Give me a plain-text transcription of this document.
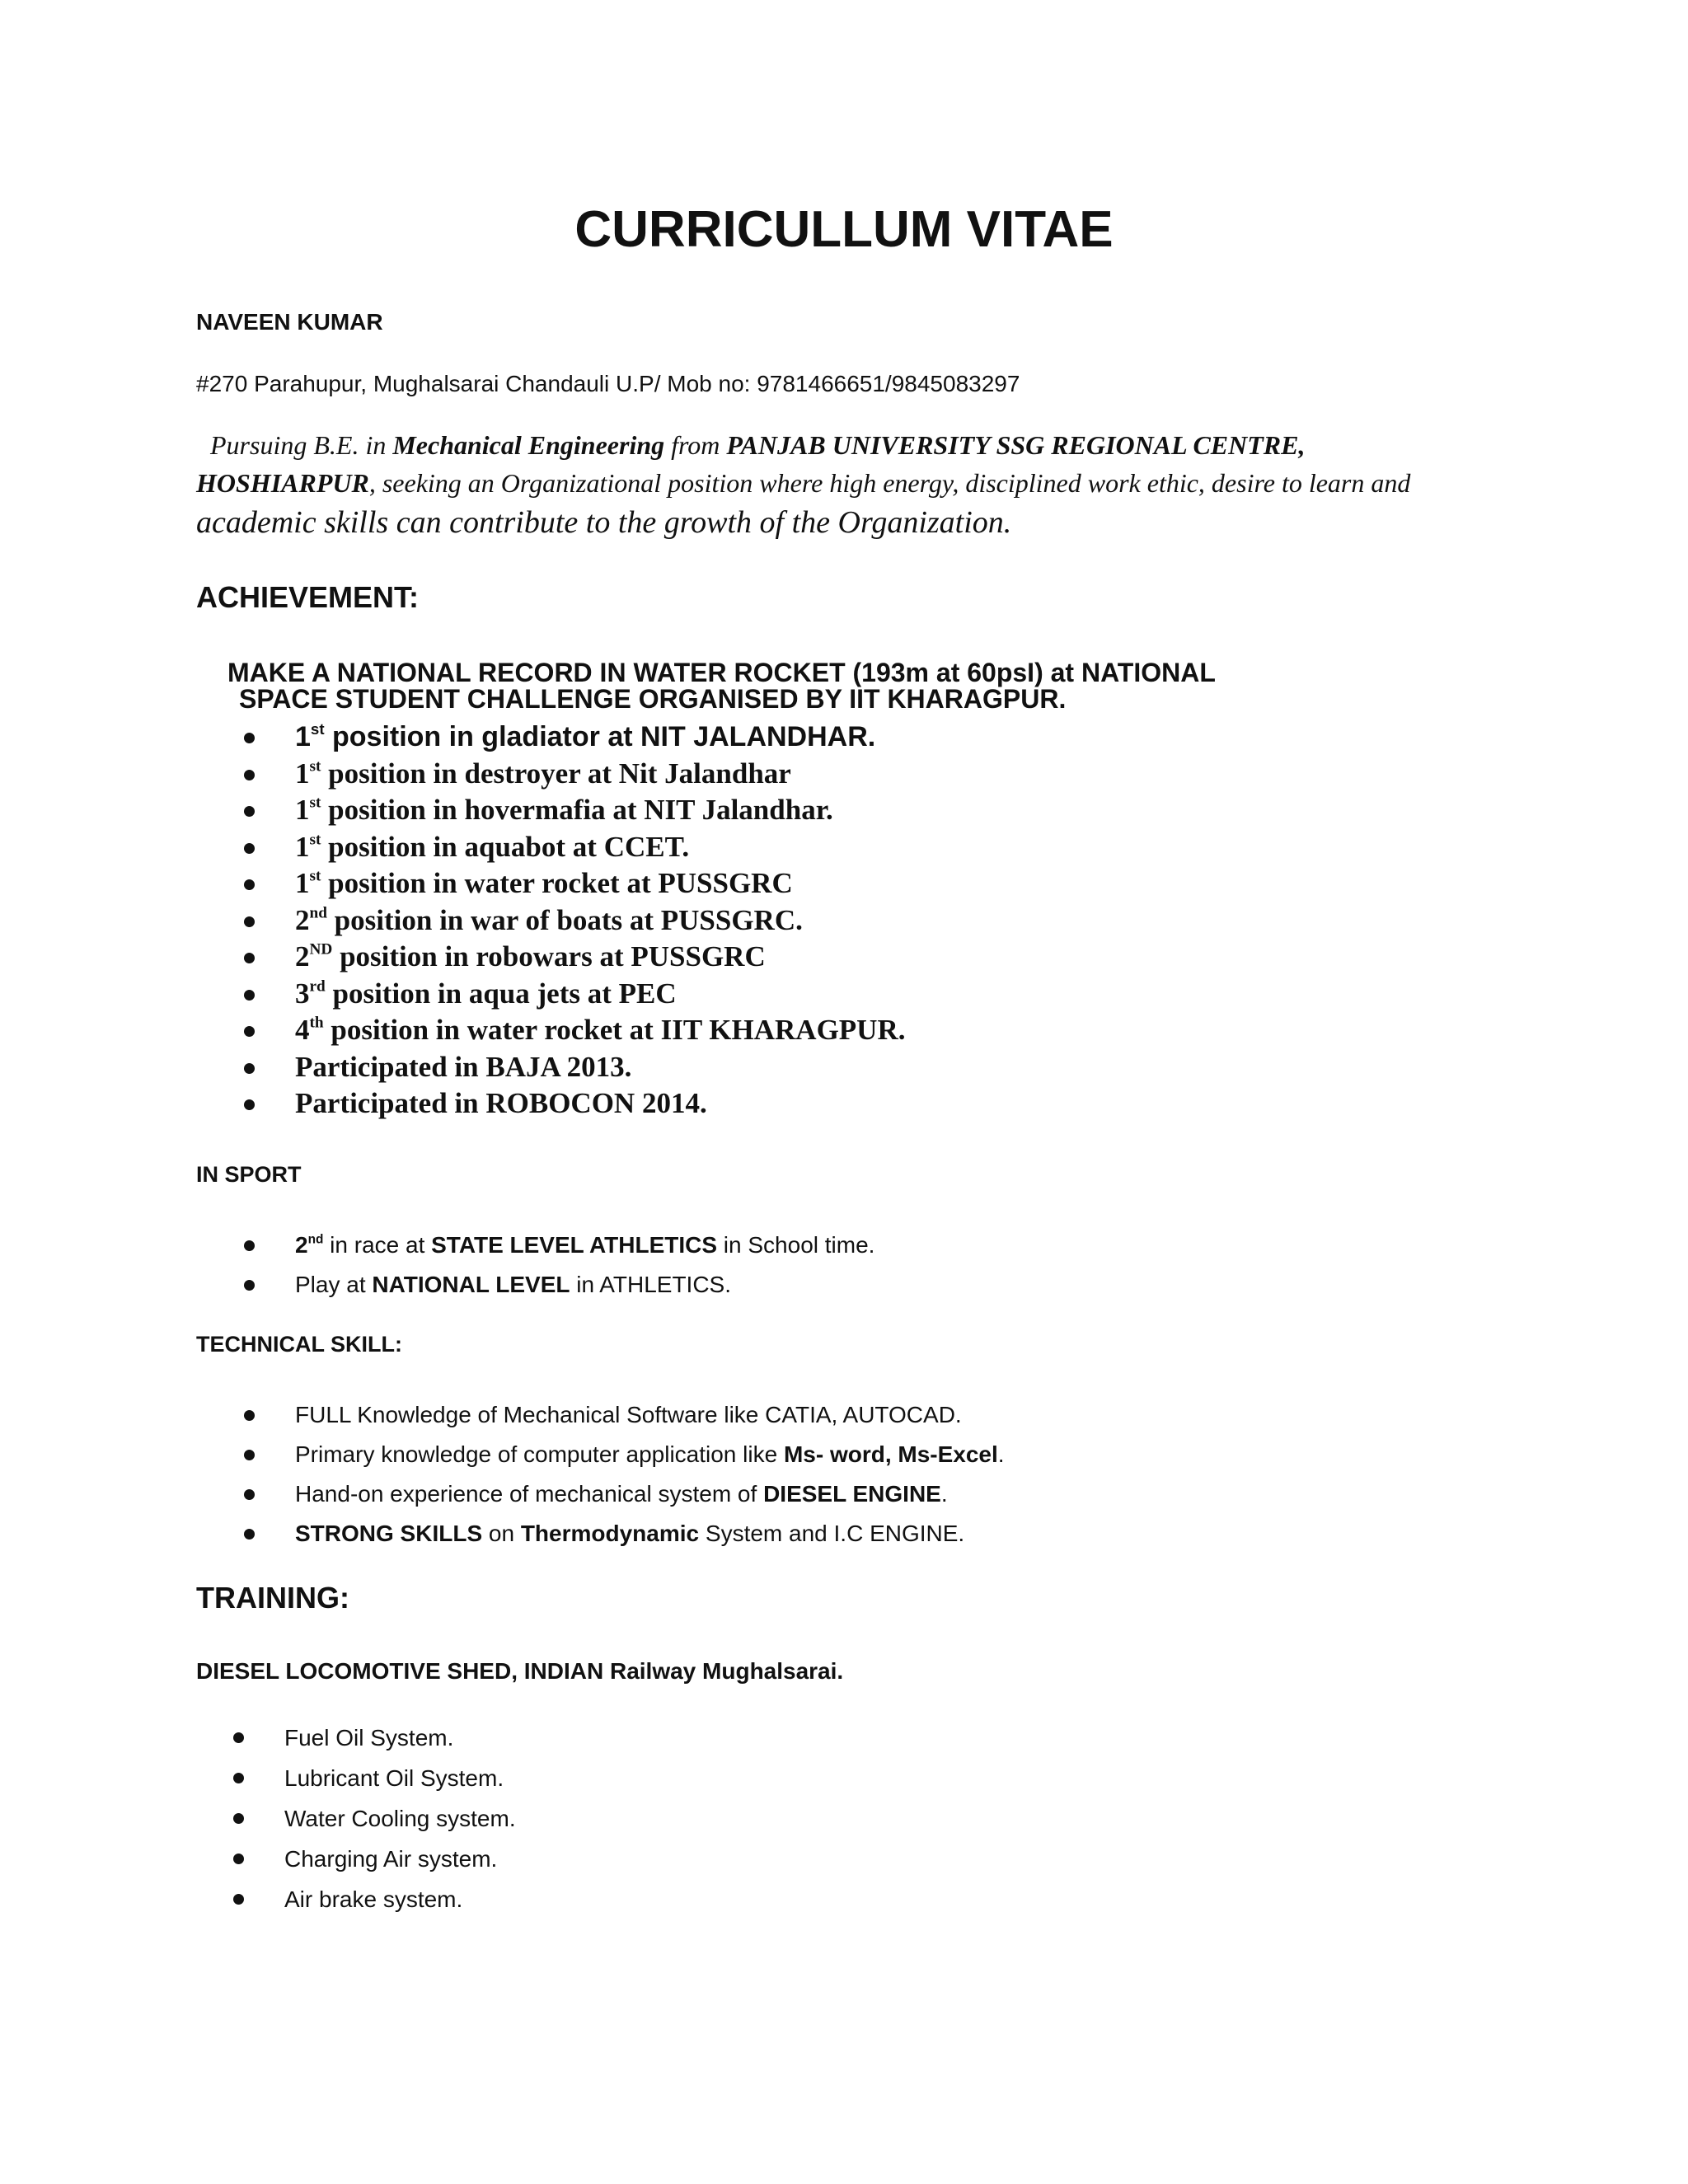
CURRICULLUM VITAE
NAVEEN KUMAR
#270 Parahupur, Mughalsarai Chandauli U.P/ Mob no: 9781466651/9845083297
Pursuing B.E. in Mechanical Engineering from PANJAB UNIVERSITY SSG REGIONAL CENTRE,
HOSHIARPUR, seeking an Organizational position where high energy, disciplined work ethic, desire to learn and
academic skills can contribute to the growth of the Organization.
ACHIEVEMENT:
MAKE A NATIONAL RECORD IN WATER ROCKET (193m at 60psI) at NATIONAL
SPACE STUDENT CHALLENGE ORGANISED BY IIT KHARAGPUR.
1st position in gladiator at NIT JALANDHAR.
1st position in destroyer at Nit Jalandhar
1st position in hovermafia at NIT Jalandhar.
1st position in aquabot at CCET.
1st position in water rocket at PUSSGRC
2nd position in war of boats at PUSSGRC.
2ND position in robowars at PUSSGRC
3rd position in aqua jets at PEC
4th position in water rocket at IIT KHARAGPUR.
Participated in BAJA 2013.
Participated in ROBOCON 2014.
IN SPORT
2nd in race at STATE LEVEL ATHLETICS in School time.
Play at NATIONAL LEVEL in ATHLETICS.
TECHNICAL SKILL:
FULL Knowledge of Mechanical Software like CATIA, AUTOCAD.
Primary knowledge of computer application like Ms- word, Ms-Excel.
Hand-on experience of mechanical system of DIESEL ENGINE.
STRONG SKILLS on Thermodynamic System and I.C ENGINE.
TRAINING:
DIESEL LOCOMOTIVE SHED, INDIAN Railway Mughalsarai.
Fuel Oil System.
Lubricant Oil System.
Water Cooling system.
Charging Air system.
Air brake system.
